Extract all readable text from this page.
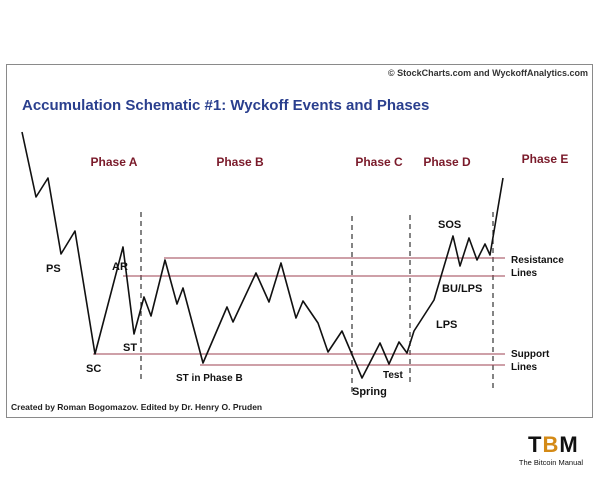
© StockCharts.com and WyckoffAnalytics.com
Accumulation Schematic #1: Wyckoff Events and Phases
Phase A	Phase B	Phase C Phase D	Phase E
PS
SC
AR
ST
ST in Phase B
Spring
Test
LPS
BU/LPS
SOS
Resistance
Lines
Support
Lines
Created by Roman Bogomazov. Edited by Dr. Henry O. Pruden
TBM
The Bitcoin Manual
